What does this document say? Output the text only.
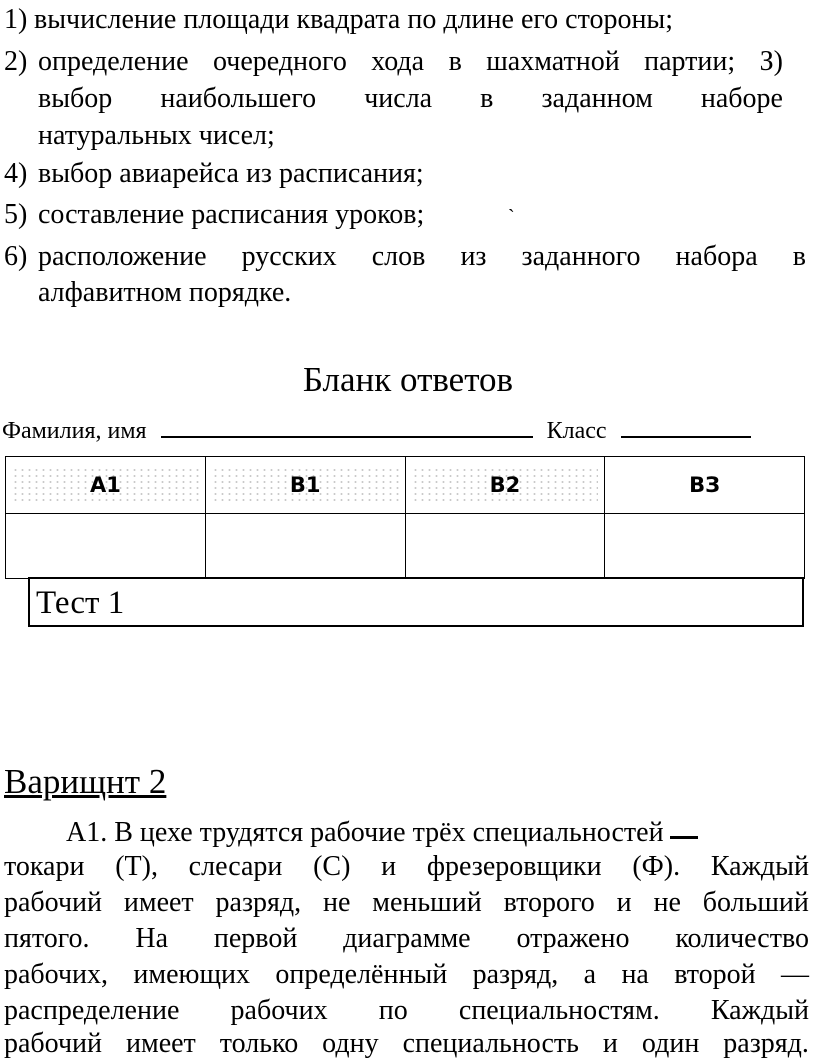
1) вычисление площади квадрата по длине его стороны;
2) определение очередного хода в шахматной партии; З)
выбор наибольшего числа в заданном наборе
натуральных чисел;
4) выбор авиарейса из расписания;
5) составление расписания уроков;	`
6) расположение русских слов из заданного набора в
алфавитном порядке.
Бланк ответов
Фамилия, имя	Класс
A1	B1	B2	ВЗ

Тест 1
Варищнт 2
А1. В цехе трудятся рабочие трёх специальностей
токари (Т), слесари (С) и фрезеровщики (Ф). Каждый
рабочий имеет разряд, не меньший второго и не больший
пятого. На первой диаграмме отражено количество
рабочих, имеющих определённый разряд, а на второй —
распределение рабочих по специальностям. Каждый
рабочий имеет только одну специальность и один разряд.
